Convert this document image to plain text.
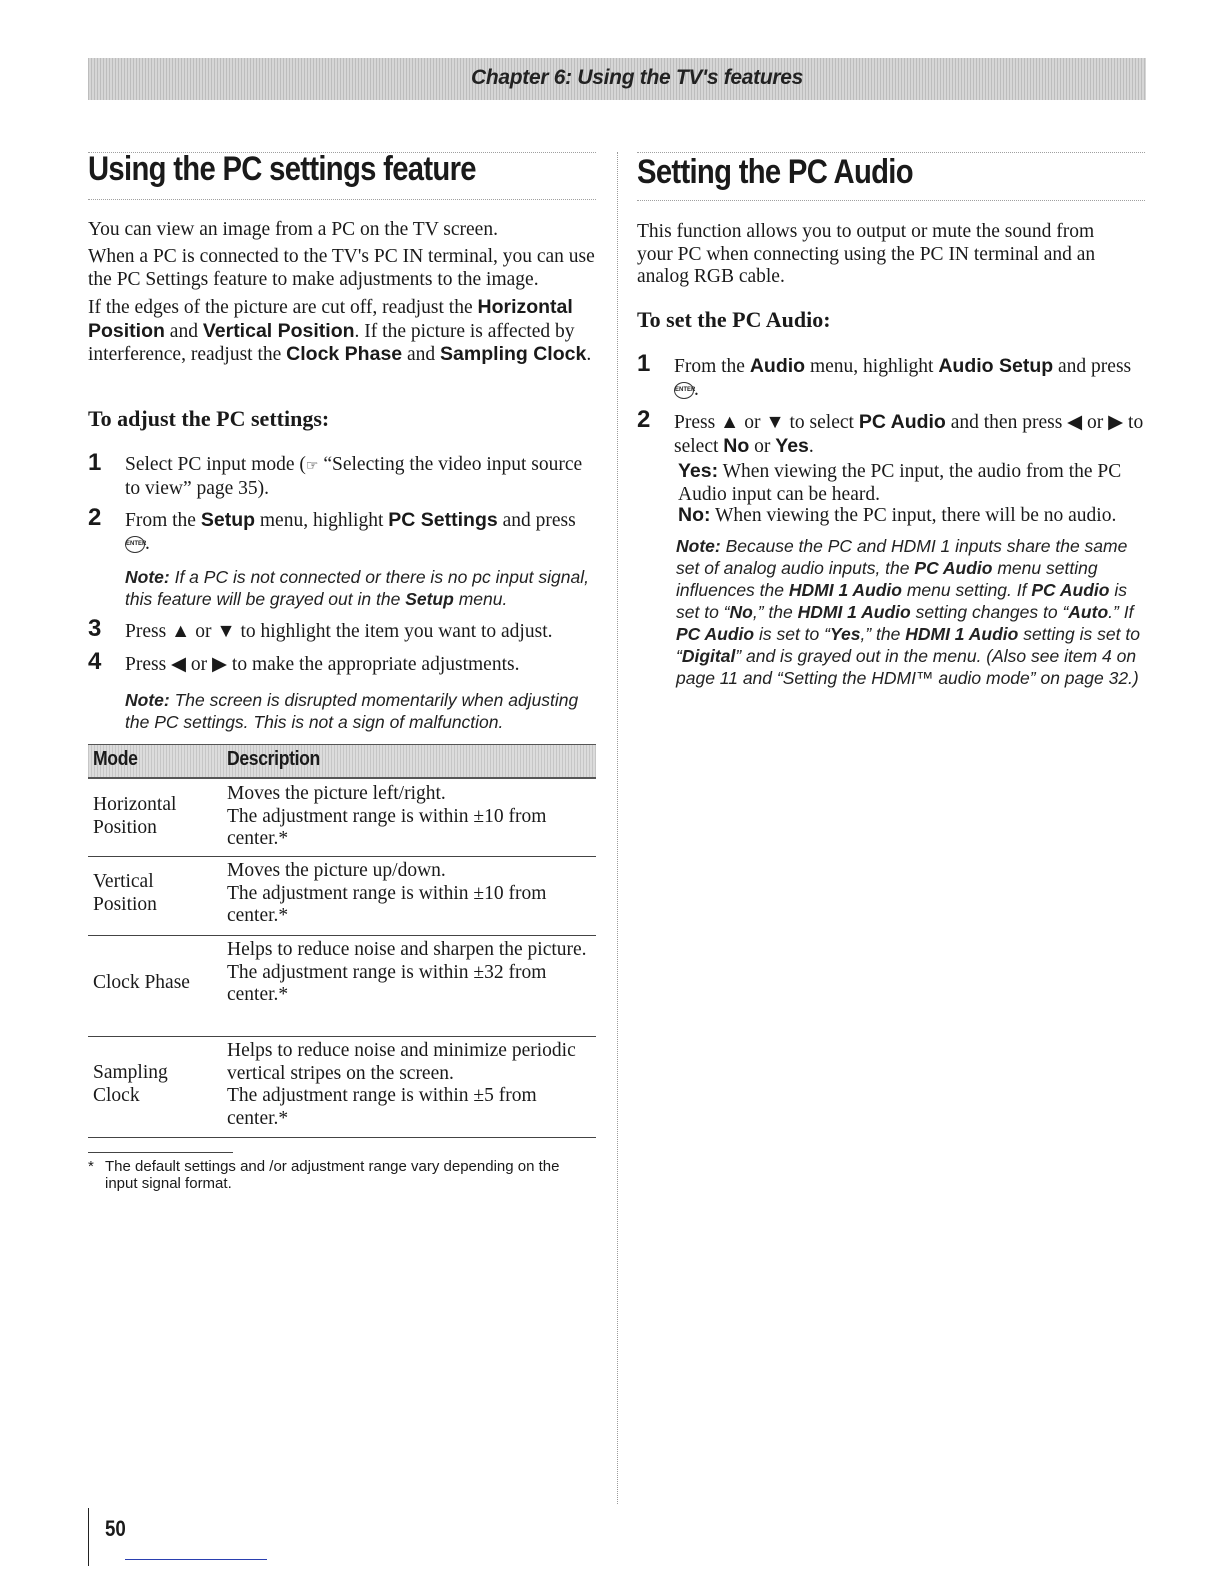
Chapter 6: Using the TV's features
Using the PC settings feature

You can view an image from a PC on the TV screen.

When a PC is connected to the TV's PC IN terminal, you can use the PC Settings feature to make adjustments to the image.

If the edges of the picture are cut off, readjust the Horizontal Position and Vertical Position. If the picture is affected by interference, readjust the Clock Phase and Sampling Clock.

To adjust the PC settings:
1 Select PC input mode (☞ “Selecting the video input source to view” page 35).

2 From the Setup menu, highlight PC Settings and press
ENTER.

Note: If a PC is not connected or there is no pc input signal, this feature will be grayed out in the Setup menu.

3 Press ▲ or ▼ to highlight the item you want to adjust.

4 Press ◀ or ▶ to make the appropriate adjustments.

Note: The screen is disrupted momentarily when adjusting the PC settings. This is not a sign of malfunction.

Mode	Description
Horizontal Position
Moves the picture left/right.
The adjustment range is within ±10 from center.*
Vertical Position
Moves the picture up/down.
The adjustment range is within ±10 from center.*
Clock Phase
Helps to reduce noise and sharpen the picture.
The adjustment range is within ±32 from center.*
Sampling Clock
Helps to reduce noise and minimize periodic vertical stripes on the screen.
The adjustment range is within ±5 from center.*
* The default settings and /or adjustment range vary depending on the input signal format.
Setting the PC Audio

This function allows you to output or mute the sound from your PC when connecting using the PC IN terminal and an analog RGB cable.

To set the PC Audio:
1 From the Audio menu, highlight Audio Setup and press
ENTER.

2 Press ▲ or ▼ to select PC Audio and then press ◀ or ▶ to select No or Yes.

Yes: When viewing the PC input, the audio from the PC Audio input can be heard.

No: When viewing the PC input, there will be no audio.

Note: Because the PC and HDMI 1 inputs share the same set of analog audio inputs, the PC Audio menu setting influences the HDMI 1 Audio menu setting. If PC Audio is set to “No,” the HDMI 1 Audio setting changes to “Auto.” If PC Audio is set to “Yes,” the HDMI 1 Audio setting is set to “Digital” and is grayed out in the menu. (Also see item 4 on page 11 and “Setting the HDMI™ audio mode” on page 32.)

50
